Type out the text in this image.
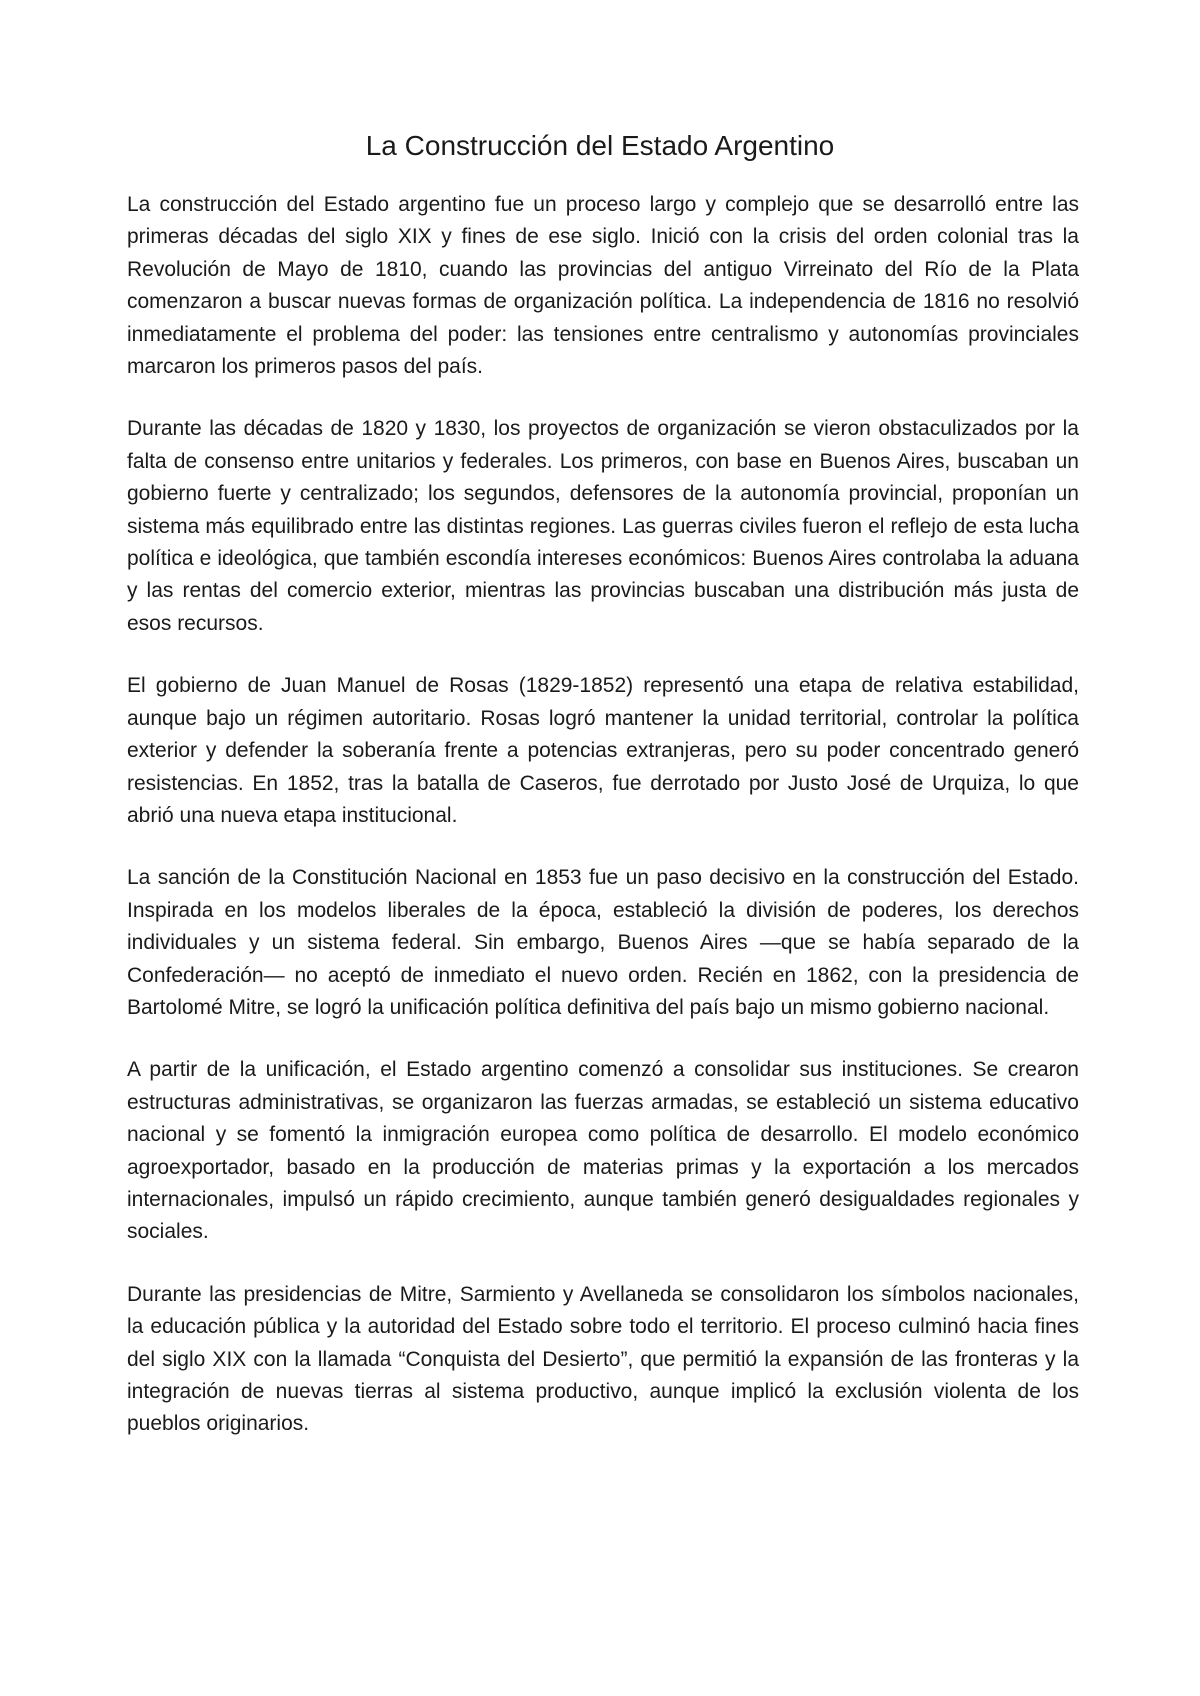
La Construcción del Estado Argentino

La construcción del Estado argentino fue un proceso largo y complejo que se desarrolló entre las primeras décadas del siglo XIX y fines de ese siglo. Inició con la crisis del orden colonial tras la Revolución de Mayo de 1810, cuando las provincias del antiguo Virreinato del Río de la Plata comenzaron a buscar nuevas formas de organización política. La independencia de 1816 no resolvió inmediatamente el problema del poder: las tensiones entre centralismo y autonomías provinciales marcaron los primeros pasos del país.

Durante las décadas de 1820 y 1830, los proyectos de organización se vieron obstaculizados por la falta de consenso entre unitarios y federales. Los primeros, con base en Buenos Aires, buscaban un gobierno fuerte y centralizado; los segundos, defensores de la autonomía provincial, proponían un sistema más equilibrado entre las distintas regiones. Las guerras civiles fueron el reflejo de esta lucha política e ideológica, que también escondía intereses económicos: Buenos Aires controlaba la aduana y las rentas del comercio exterior, mientras las provincias buscaban una distribución más justa de esos recursos.

El gobierno de Juan Manuel de Rosas (1829-1852) representó una etapa de relativa estabilidad, aunque bajo un régimen autoritario. Rosas logró mantener la unidad territorial, controlar la política exterior y defender la soberanía frente a potencias extranjeras, pero su poder concentrado generó resistencias. En 1852, tras la batalla de Caseros, fue derrotado por Justo José de Urquiza, lo que abrió una nueva etapa institucional.

La sanción de la Constitución Nacional en 1853 fue un paso decisivo en la construcción del Estado. Inspirada en los modelos liberales de la época, estableció la división de poderes, los derechos individuales y un sistema federal. Sin embargo, Buenos Aires —que se había separado de la Confederación— no aceptó de inmediato el nuevo orden. Recién en 1862, con la presidencia de Bartolomé Mitre, se logró la unificación política definitiva del país bajo un mismo gobierno nacional.

A partir de la unificación, el Estado argentino comenzó a consolidar sus instituciones. Se crearon estructuras administrativas, se organizaron las fuerzas armadas, se estableció un sistema educativo nacional y se fomentó la inmigración europea como política de desarrollo. El modelo económico agroexportador, basado en la producción de materias primas y la exportación a los mercados internacionales, impulsó un rápido crecimiento, aunque también generó desigualdades regionales y sociales.

Durante las presidencias de Mitre, Sarmiento y Avellaneda se consolidaron los símbolos nacionales, la educación pública y la autoridad del Estado sobre todo el territorio. El proceso culminó hacia fines del siglo XIX con la llamada “Conquista del Desierto”, que permitió la expansión de las fronteras y la integración de nuevas tierras al sistema productivo, aunque implicó la exclusión violenta de los pueblos originarios.
